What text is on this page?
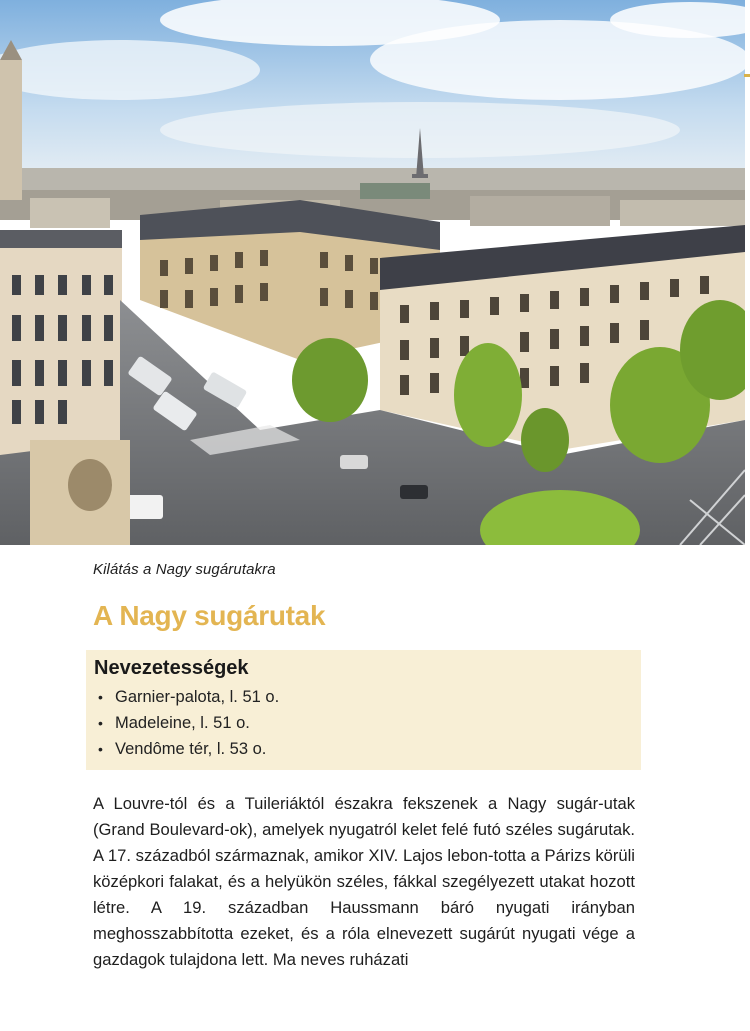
Kilátás a Nagy sugárutakra
A Nagy sugárutak
Nevezetességek
• Garnier-palota, l. 51 o.
• Madeleine, l. 51 o.
• Vendôme tér, l. 53 o.

A Louvre-tól és a Tuileriáktól északra fekszenek a Nagy sugár-utak (Grand Boulevard-ok), amelyek nyugatról kelet felé futó széles sugárutak. A 17. századból származnak, amikor XIV. Lajos lebon-totta a Párizs körüli középkori falakat, és a helyükön széles, fákkal szegélyezett utakat hozott létre. A 19. században Haussmann báró nyugati irányban meghosszabbította ezeket, és a róla elnevezett sugárút nyugati vége a gazdagok tulajdona lett. Ma neves ruházati
